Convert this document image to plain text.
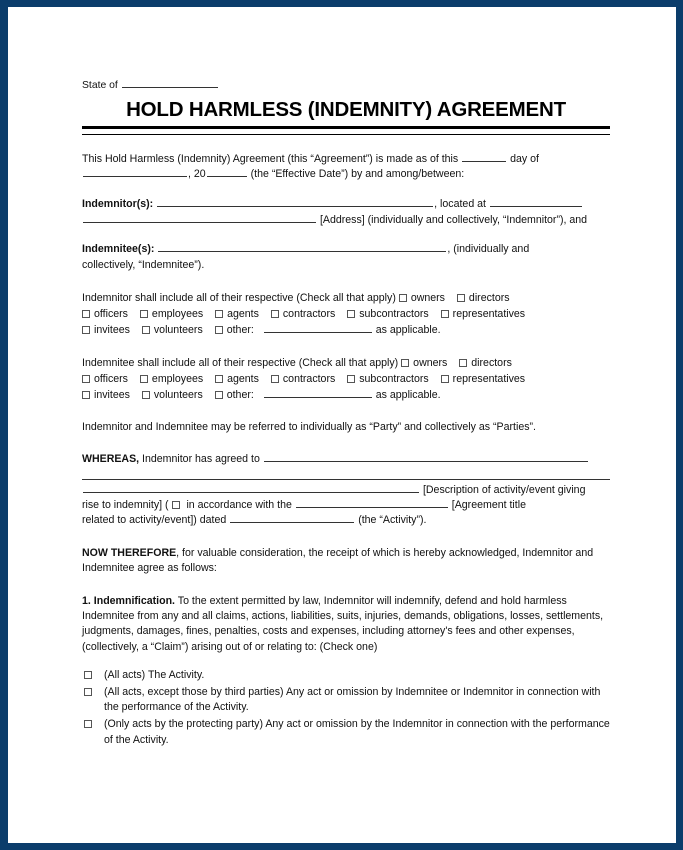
State of
HOLD HARMLESS (INDEMNITY) AGREEMENT

This Hold Harmless (Indemnity) Agreement (this “Agreement”) is made as of this	day of
, 20	(the “Effective Date”) by and among/between:

Indemnitor(s):	, located at
[Address] (individually and collectively, “Indemnitor”), and

Indemnitee(s):	, (individually and
collectively, “Indemnitee”).

Indemnitor shall include all of their respective (Check all that apply) owners directors
officers employees agents contractors subcontractors representatives
invitees volunteers other:	as applicable.
Indemnitee shall include all of their respective (Check all that apply) owners directors
officers employees agents contractors subcontractors representatives
invitees volunteers other:	as applicable.

Indemnitor and Indemnitee may be referred to individually as “Party” and collectively as “Parties”.

WHEREAS, Indemnitor has agreed to
[Description of activity/event giving
rise to indemnity] ( in accordance with the	[Agreement title
related to activity/event]) dated	(the “Activity”).

NOW THEREFORE, for valuable consideration, the receipt of which is hereby acknowledged, Indemnitor and Indemnitee agree as follows:

1. Indemnification. To the extent permitted by law, Indemnitor will indemnify, defend and hold harmless Indemnitee from any and all claims, actions, liabilities, suits, injuries, demands, obligations, losses, settlements, judgments, damages, fines, penalties, costs and expenses, including attorney's fees and other expenses, (collectively, a “Claim”) arising out of or relating to: (Check one)

(All acts) The Activity.
(All acts, except those by third parties) Any act or omission by Indemnitee or Indemnitor in connection with the performance of the Activity.
(Only acts by the protecting party) Any act or omission by the Indemnitor in connection with the performance of the Activity.
